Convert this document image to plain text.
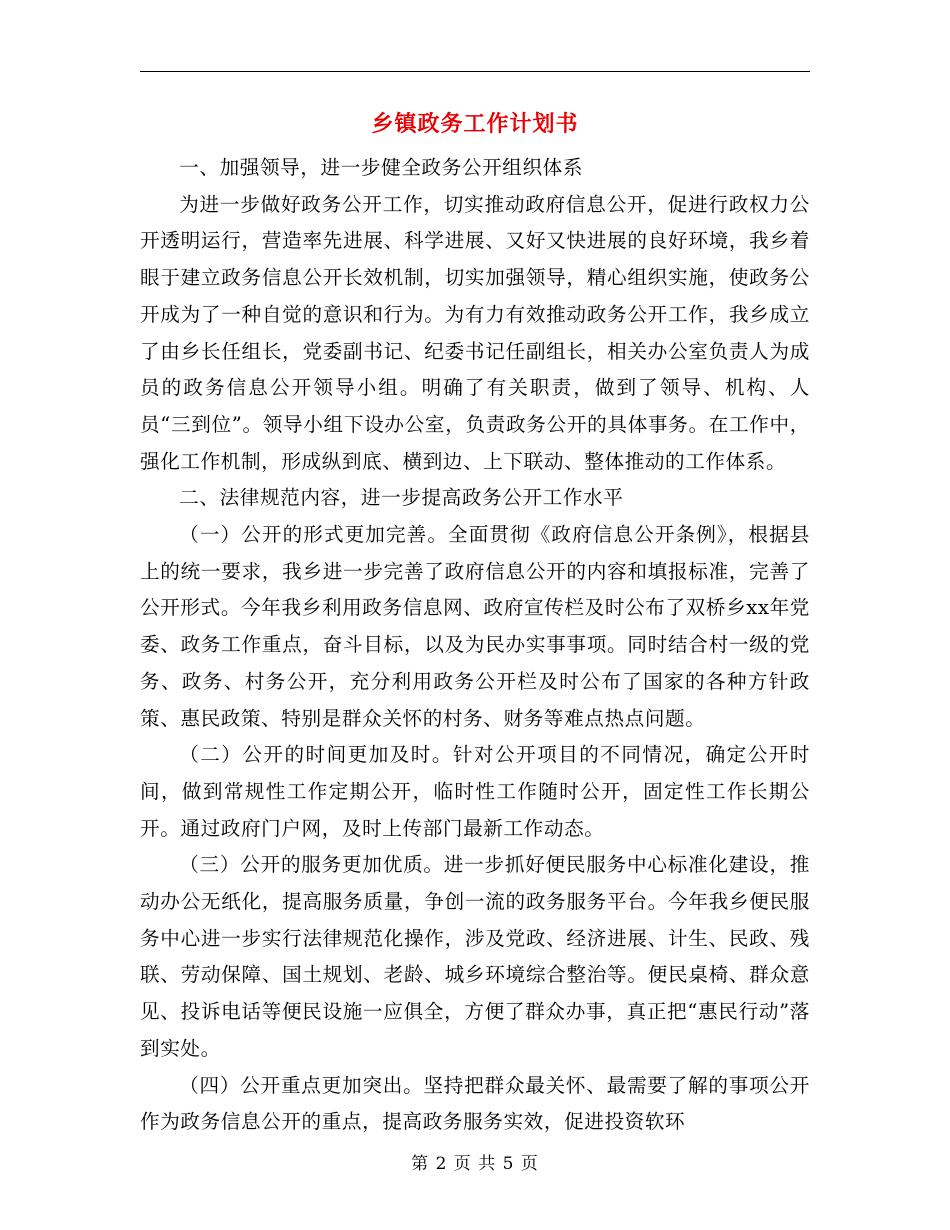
乡镇政务工作计划书

一、加强领导，进一步健全政务公开组织体系

为进一步做好政务公开工作，切实推动政府信息公开，促进行政权力公开透明运行，营造率先进展、科学进展、又好又快进展的良好环境，我乡着眼于建立政务信息公开长效机制，切实加强领导，精心组织实施，使政务公开成为了一种自觉的意识和行为。为有力有效推动政务公开工作，我乡成立了由乡长任组长，党委副书记、纪委书记任副组长，相关办公室负责人为成员的政务信息公开领导小组。明确了有关职责，做到了领导、机构、人员“三到位”。领导小组下设办公室，负责政务公开的具体事务。在工作中，强化工作机制，形成纵到底、横到边、上下联动、整体推动的工作体系。

二、法律规范内容，进一步提高政务公开工作水平

（一）公开的形式更加完善。全面贯彻《政府信息公开条例》，根据县上的统一要求，我乡进一步完善了政府信息公开的内容和填报标准，完善了公开形式。今年我乡利用政务信息网、政府宣传栏及时公布了双桥乡xx年党委、政务工作重点，奋斗目标，以及为民办实事事项。同时结合村一级的党务、政务、村务公开，充分利用政务公开栏及时公布了国家的各种方针政策、惠民政策、特别是群众关怀的村务、财务等难点热点问题。

（二）公开的时间更加及时。针对公开项目的不同情况，确定公开时间，做到常规性工作定期公开，临时性工作随时公开，固定性工作长期公开。通过政府门户网，及时上传部门最新工作动态。

（三）公开的服务更加优质。进一步抓好便民服务中心标准化建设，推动办公无纸化，提高服务质量，争创一流的政务服务平台。今年我乡便民服务中心进一步实行法律规范化操作，涉及党政、经济进展、计生、民政、残联、劳动保障、国土规划、老龄、城乡环境综合整治等。便民桌椅、群众意见、投诉电话等便民设施一应俱全，方便了群众办事，真正把“惠民行动”落到实处。

（四）公开重点更加突出。坚持把群众最关怀、最需要了解的事项公开作为政务信息公开的重点，提高政务服务实效，促进投资软环

第 2 页 共 5 页
